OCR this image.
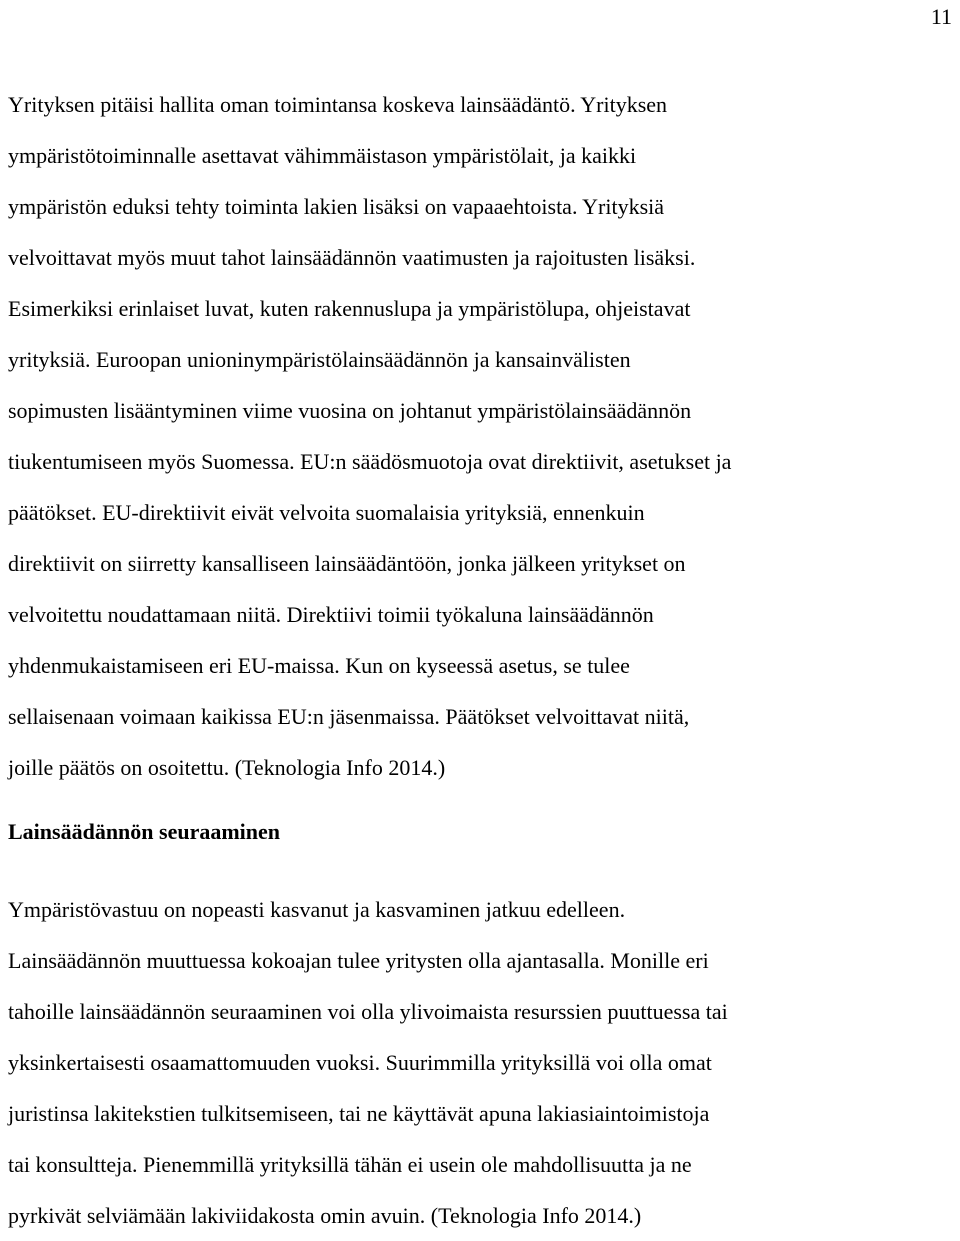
11
Yrityksen pitäisi hallita oman toimintansa koskeva lainsäädäntö. Yrityksen
ympäristötoiminnalle asettavat vähimmäistason ympäristölait, ja kaikki
ympäristön eduksi tehty toiminta lakien lisäksi on vapaaehtoista. Yrityksiä
velvoittavat myös muut tahot lainsäädännön vaatimusten ja rajoitusten lisäksi.
Esimerkiksi erinlaiset luvat, kuten rakennuslupa ja ympäristölupa, ohjeistavat
yrityksiä. Euroopan unioninympäristölainsäädännön ja kansainvälisten
sopimusten lisääntyminen viime vuosina on johtanut ympäristölainsäädännön
tiukentumiseen myös Suomessa. EU:n säädösmuotoja ovat direktiivit, asetukset ja
päätökset. EU-direktiivit eivät velvoita suomalaisia yrityksiä, ennenkuin
direktiivit on siirretty kansalliseen lainsäädäntöön, jonka jälkeen yritykset on
velvoitettu noudattamaan niitä. Direktiivi toimii työkaluna lainsäädännön
yhdenmukaistamiseen eri EU-maissa. Kun on kyseessä asetus, se tulee
sellaisenaan voimaan kaikissa EU:n jäsenmaissa. Päätökset velvoittavat niitä,
joille päätös on osoitettu. (Teknologia Info 2014.)
Lainsäädännön seuraaminen
Ympäristövastuu on nopeasti kasvanut ja kasvaminen jatkuu edelleen.
Lainsäädännön muuttuessa kokoajan tulee yritysten olla ajantasalla. Monille eri
tahoille lainsäädännön seuraaminen voi olla ylivoimaista resurssien puuttuessa tai
yksinkertaisesti osaamattomuuden vuoksi. Suurimmilla yrityksillä voi olla omat
juristinsa lakitekstien tulkitsemiseen, tai ne käyttävät apuna lakiasiaintoimistoja
tai konsultteja. Pienemmillä yrityksillä tähän ei usein ole mahdollisuutta ja ne
pyrkivät selviämään lakiviidakosta omin avuin. (Teknologia Info 2014.)
